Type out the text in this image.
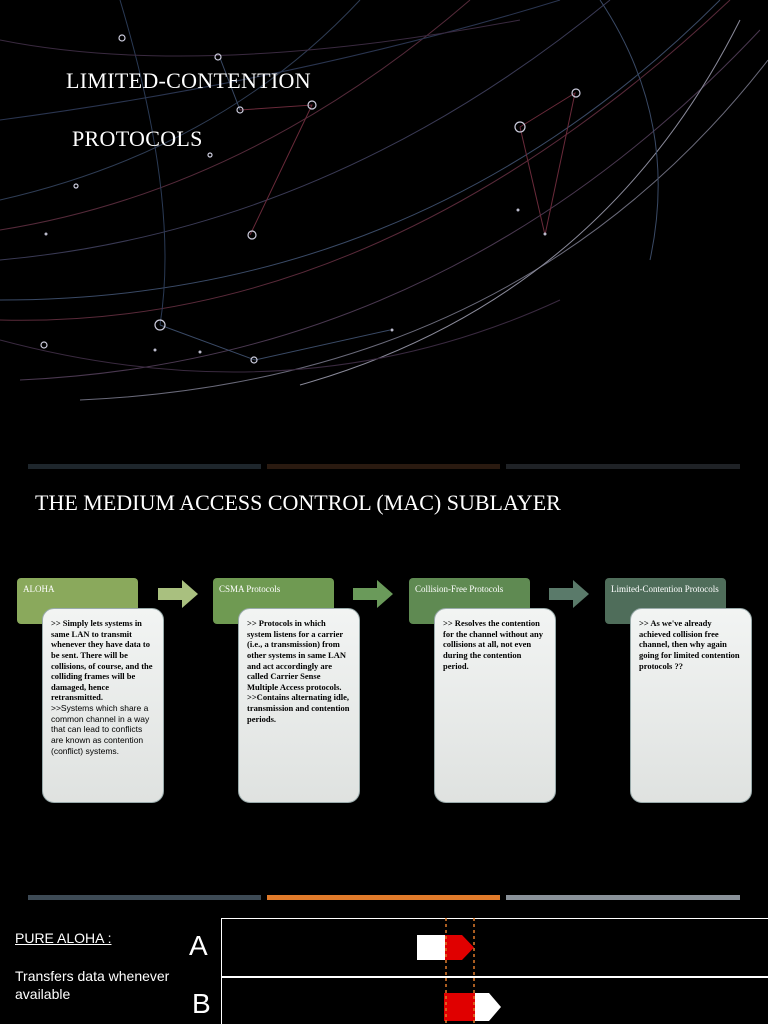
LIMITED-CONTENTION
PROTOCOLS
THE MEDIUM ACCESS CONTROL (MAC) SUBLAYER
ALOHA
>> Simply lets systems in same LAN to transmit whenever they have data to be sent. There will be collisions, of course, and the colliding frames will be damaged, hence retransmitted.
>>Systems which share a common channel in a way that can lead to conflicts are known as contention (conflict) systems.
CSMA Protocols
>> Protocols in which system listens for a carrier (i.e., a transmission) from other systems in same LAN and act accordingly are called Carrier Sense Multiple Access protocols.
>>Contains alternating idle, transmission and contention periods.
Collision-Free Protocols
>> Resolves the contention for the channel without any collisions at all, not even during the contention period.
Limited-Contention Protocols
>> As we've already achieved collision free channel, then why again going for limited contention protocols ??
PURE ALOHA :
Transfers data whenever available
A
B
